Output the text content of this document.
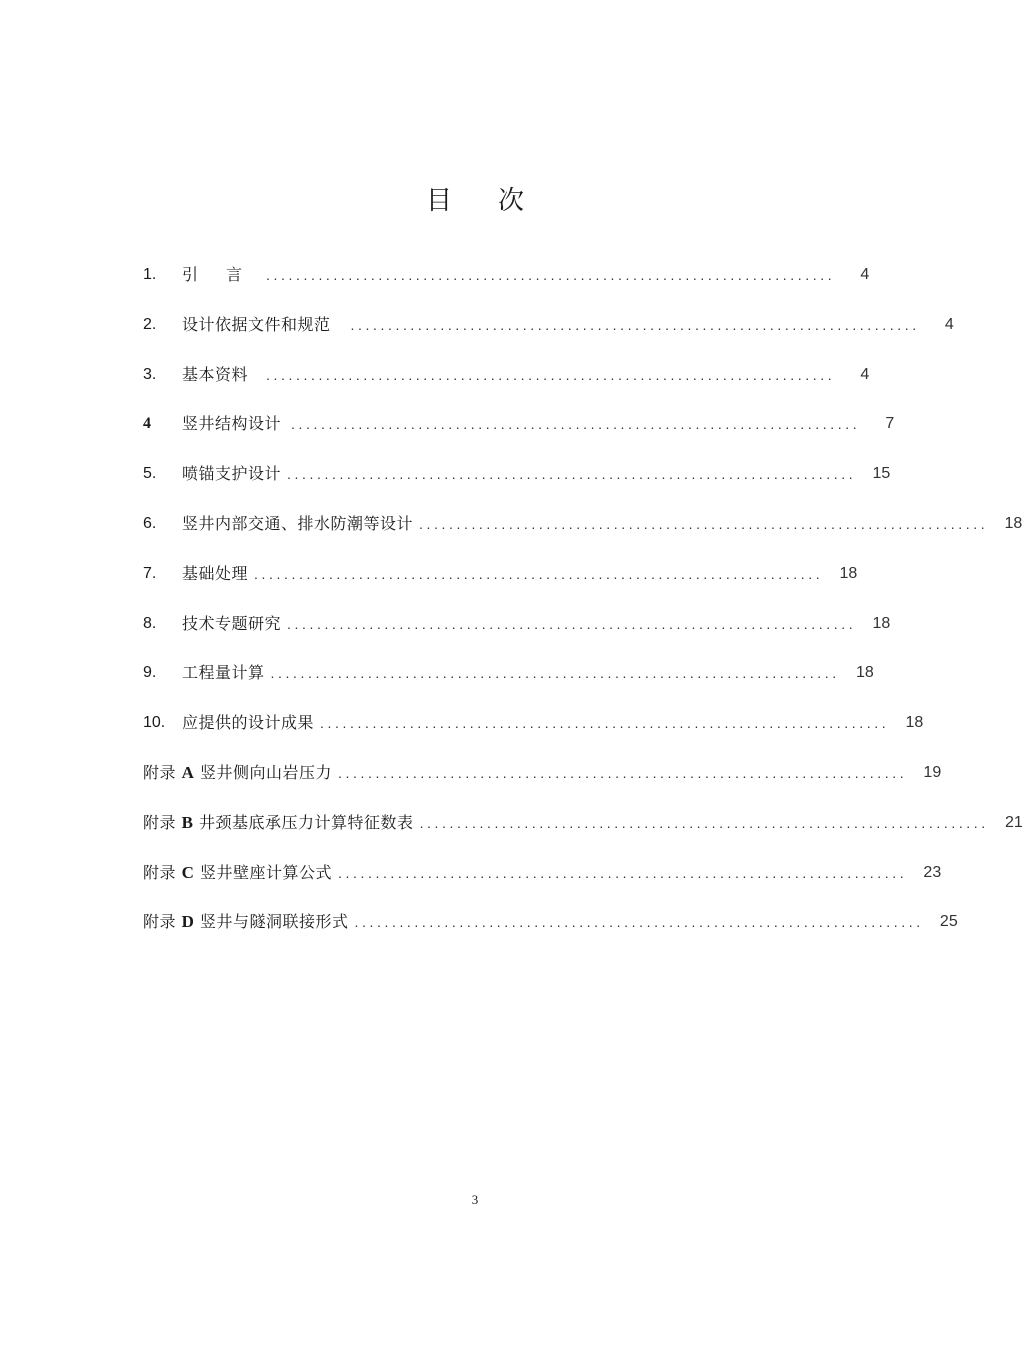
目 次
1.	引　言	............................................................................	4
2.	设计依据文件和规范	............................................................................	4
3.	基本资料	............................................................................	4
4	竖井结构设计 ............................................................................	7
5.	喷锚支护设计 ............................................................................	15
6.	竖井内部交通、排水防潮等设计 ............................................................................	18
7.	基础处理 ............................................................................	18
8.	技术专题研究 ............................................................................	18
9.	工程量计算 ............................................................................	18
10.	应提供的设计成果 ............................................................................	18
附录 A 竖井侧向山岩压力 ............................................................................	19
附录 B 井颈基底承压力计算特征数表 ............................................................................	21
附录 C 竖井壁座计算公式 ............................................................................	23
附录 D 竖井与隧洞联接形式 ............................................................................	25
3
